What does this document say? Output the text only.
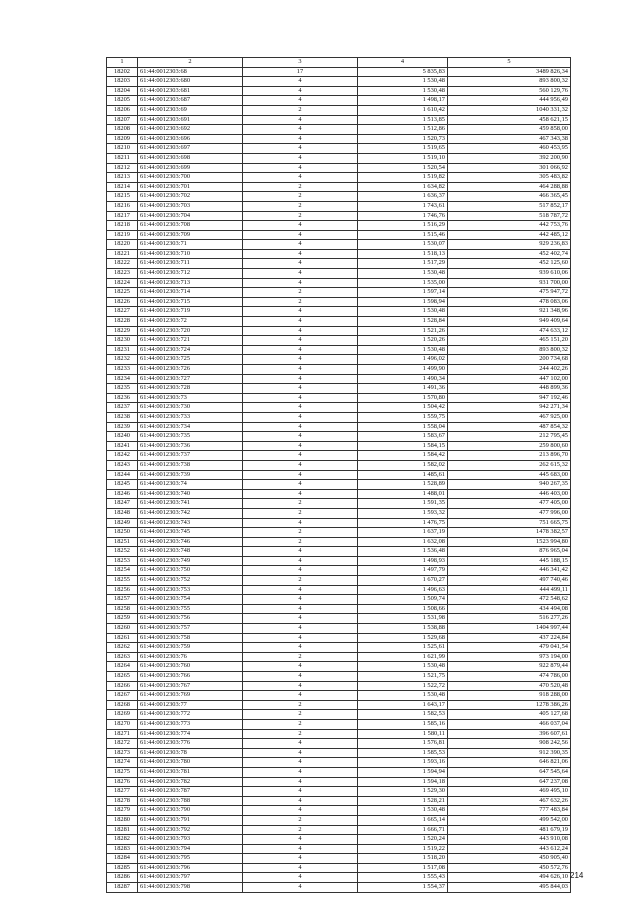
1	2	3	4	5
18202	61:44:0012303:68	17	5 835,83	3489 826,34
18203	61:44:0012303:680	4	1 530,48	893 800,32
18204	61:44:0012303:681	4	1 530,48	560 129,76
18205	61:44:0012303:687	4	1 498,17	444 956,49
18206	61:44:0012303:69	2	1 610,42	1040 331,32
18207	61:44:0012303:691	4	1 513,85	458 621,15
18208	61:44:0012303:692	4	1 512,86	459 858,00
18209	61:44:0012303:696	4	1 520,73	467 343,38
18210	61:44:0012303:697	4	1 519,65	460 453,95
18211	61:44:0012303:698	4	1 519,10	392 200,90
18212	61:44:0012303:699	4	1 520,54	301 066,92
18213	61:44:0012303:700	4	1 519,82	305 483,82
18214	61:44:0012303:701	2	1 634,82	464 288,88
18215	61:44:0012303:702	2	1 636,37	466 365,45
18216	61:44:0012303:703	2	1 743,61	517 852,17
18217	61:44:0012303:704	2	1 746,76	518 787,72
18218	61:44:0012303:708	4	1 516,29	442 753,76
18219	61:44:0012303:709	4	1 515,46	442 485,12
18220	61:44:0012303:71	4	1 530,07	929 236,83
18221	61:44:0012303:710	4	1 518,13	452 402,74
18222	61:44:0012303:711	4	1 517,29	452 125,60
18223	61:44:0012303:712	4	1 530,48	939 610,06
18224	61:44:0012303:713	4	1 535,00	931 700,00
18225	61:44:0012303:714	2	1 597,14	475 947,72
18226	61:44:0012303:715	2	1 598,94	478 083,06
18227	61:44:0012303:719	4	1 530,48	921 348,96
18228	61:44:0012303:72	4	1 528,84	949 409,64
18229	61:44:0012303:720	4	1 521,26	474 633,12
18230	61:44:0012303:721	4	1 520,26	465 151,20
18231	61:44:0012303:724	4	1 530,48	893 800,32
18232	61:44:0012303:725	4	1 496,02	200 734,68
18233	61:44:0012303:726	4	1 499,90	244 402,26
18234	61:44:0012303:727	4	1 490,34	447 102,00
18235	61:44:0012303:728	4	1 491,36	448 899,36
18236	61:44:0012303:73	4	1 570,80	947 192,46
18237	61:44:0012303:730	4	1 504,42	942 271,34
18238	61:44:0012303:733	4	1 559,75	467 925,00
18239	61:44:0012303:734	4	1 558,04	487 854,32
18240	61:44:0012303:735	4	1 583,67	212 795,45
18241	61:44:0012303:736	4	1 584,15	259 800,60
18242	61:44:0012303:737	4	1 584,42	213 896,70
18243	61:44:0012303:738	4	1 582,02	262 615,32
18244	61:44:0012303:739	4	1 485,61	445 683,00
18245	61:44:0012303:74	4	1 528,89	940 267,35
18246	61:44:0012303:740	4	1 488,01	446 403,00
18247	61:44:0012303:741	2	1 591,35	477 405,00
18248	61:44:0012303:742	2	1 593,32	477 996,00
18249	61:44:0012303:743	4	1 476,75	751 665,75
18250	61:44:0012303:745	2	1 637,19	1478 382,57
18251	61:44:0012303:746	2	1 632,08	1523 994,80
18252	61:44:0012303:748	4	1 536,48	876 965,04
18253	61:44:0012303:749	4	1 498,93	445 188,15
18254	61:44:0012303:750	4	1 497,79	446 341,42
18255	61:44:0012303:752	2	1 670,27	497 740,46
18256	61:44:0012303:753	4	1 496,63	444 499,11
18257	61:44:0012303:754	4	1 509,74	472 548,62
18258	61:44:0012303:755	4	1 508,66	434 494,08
18259	61:44:0012303:756	4	1 531,98	516 277,26
18260	61:44:0012303:757	4	1 538,88	1404 997,44
18261	61:44:0012303:758	4	1 529,68	437 224,84
18262	61:44:0012303:759	4	1 525,61	479 041,54
18263	61:44:0012303:76	2	1 621,99	973 194,00
18264	61:44:0012303:760	4	1 530,48	922 879,44
18265	61:44:0012303:766	4	1 521,75	474 786,00
18266	61:44:0012303:767	4	1 522,72	470 520,48
18267	61:44:0012303:769	4	1 530,48	918 288,00
18268	61:44:0012303:77	2	1 643,17	1278 386,26
18269	61:44:0012303:772	2	1 582,53	405 127,68
18270	61:44:0012303:773	2	1 585,16	466 037,04
18271	61:44:0012303:774	2	1 580,11	396 607,61
18272	61:44:0012303:776	4	1 576,81	908 242,56
18273	61:44:0012303:78	4	1 585,53	912 390,35
18274	61:44:0012303:780	4	1 593,16	646 821,06
18275	61:44:0012303:781	4	1 594,94	647 545,64
18276	61:44:0012303:782	4	1 594,18	647 237,08
18277	61:44:0012303:787	4	1 529,30	469 495,10
18278	61:44:0012303:788	4	1 528,21	467 632,26
18279	61:44:0012303:790	4	1 530,48	777 483,84
18280	61:44:0012303:791	2	1 665,14	499 542,00
18281	61:44:0012303:792	2	1 666,71	481 679,19
18282	61:44:0012303:793	4	1 520,24	443 910,08
18283	61:44:0012303:794	4	1 519,22	443 612,24
18284	61:44:0012303:795	4	1 518,20	450 905,40
18285	61:44:0012303:796	4	1 517,08	450 572,76
18286	61:44:0012303:797	4	1 555,43	494 626,10
18287	61:44:0012303:798	4	1 554,37	495 844,03
214
